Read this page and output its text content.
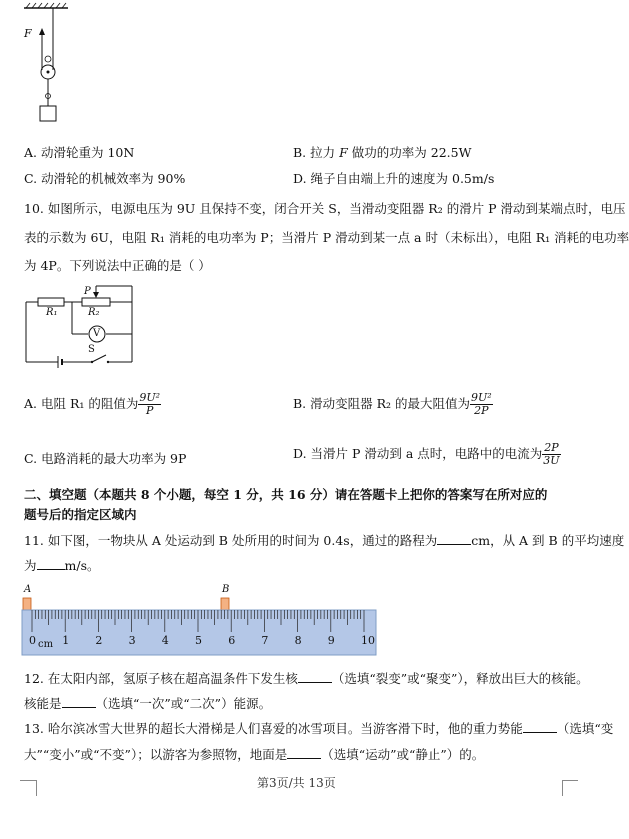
F
A. 动滑轮重为 10N	B. 拉力 F 做功的功率为 22.5W
C. 动滑轮的机械效率为 90%	D. 绳子自由端上升的速度为 0.5m/s
10. 如图所示，电源电压为 9U 且保持不变，闭合开关 S，当滑动变阻器 R₂ 的滑片 P 滑动到某端点时，电压
表的示数为 6U，电阻 R₁ 消耗的电功率为 P；当滑片 P 滑动到某一点 a 时（未标出），电阻 R₁ 消耗的电功率
为 4P。下列说法中正确的是（ ）
P
R₁	R₂
V
S
A. 电阻 R₁ 的阻值为 $\frac{\text{9U²}}{P}$	B. 滑动变阻器 R₂ 的最大阻值为 $\frac{\text{9U²}}{2P}$
C. 电路消耗的最大功率为 9P	D. 当滑片 P 滑动到 a 点时，电路中的电流为 $\frac{2P}{3U}$
二、填空题（本题共 8 个小题，每空 1 分，共 16 分）请在答题卡上把你的答案写在所对应的
题号后的指定区域内
11. 如下图，一物块从 A 处运动到 B 处所用的时间为 0.4s，通过的路程为	cm，从 A 到 B 的平均速度
为 m/s。
A	B
0 1 2 3 4 5 6 7 8 9 10
cm
12. 在太阳内部，氢原子核在超高温条件下发生核	（选填“裂变”或“聚变”），释放出巨大的核能。
核能是	（选填“一次”或“二次”）能源。
13. 哈尔滨冰雪大世界的超长大滑梯是人们喜爱的冰雪项目。当游客滑下时，他的重力势能	（选填“变
大”“变小”或“不变”）；以游客为参照物，地面是	（选填“运动”或“静止”）的。
第3页/共 13页
